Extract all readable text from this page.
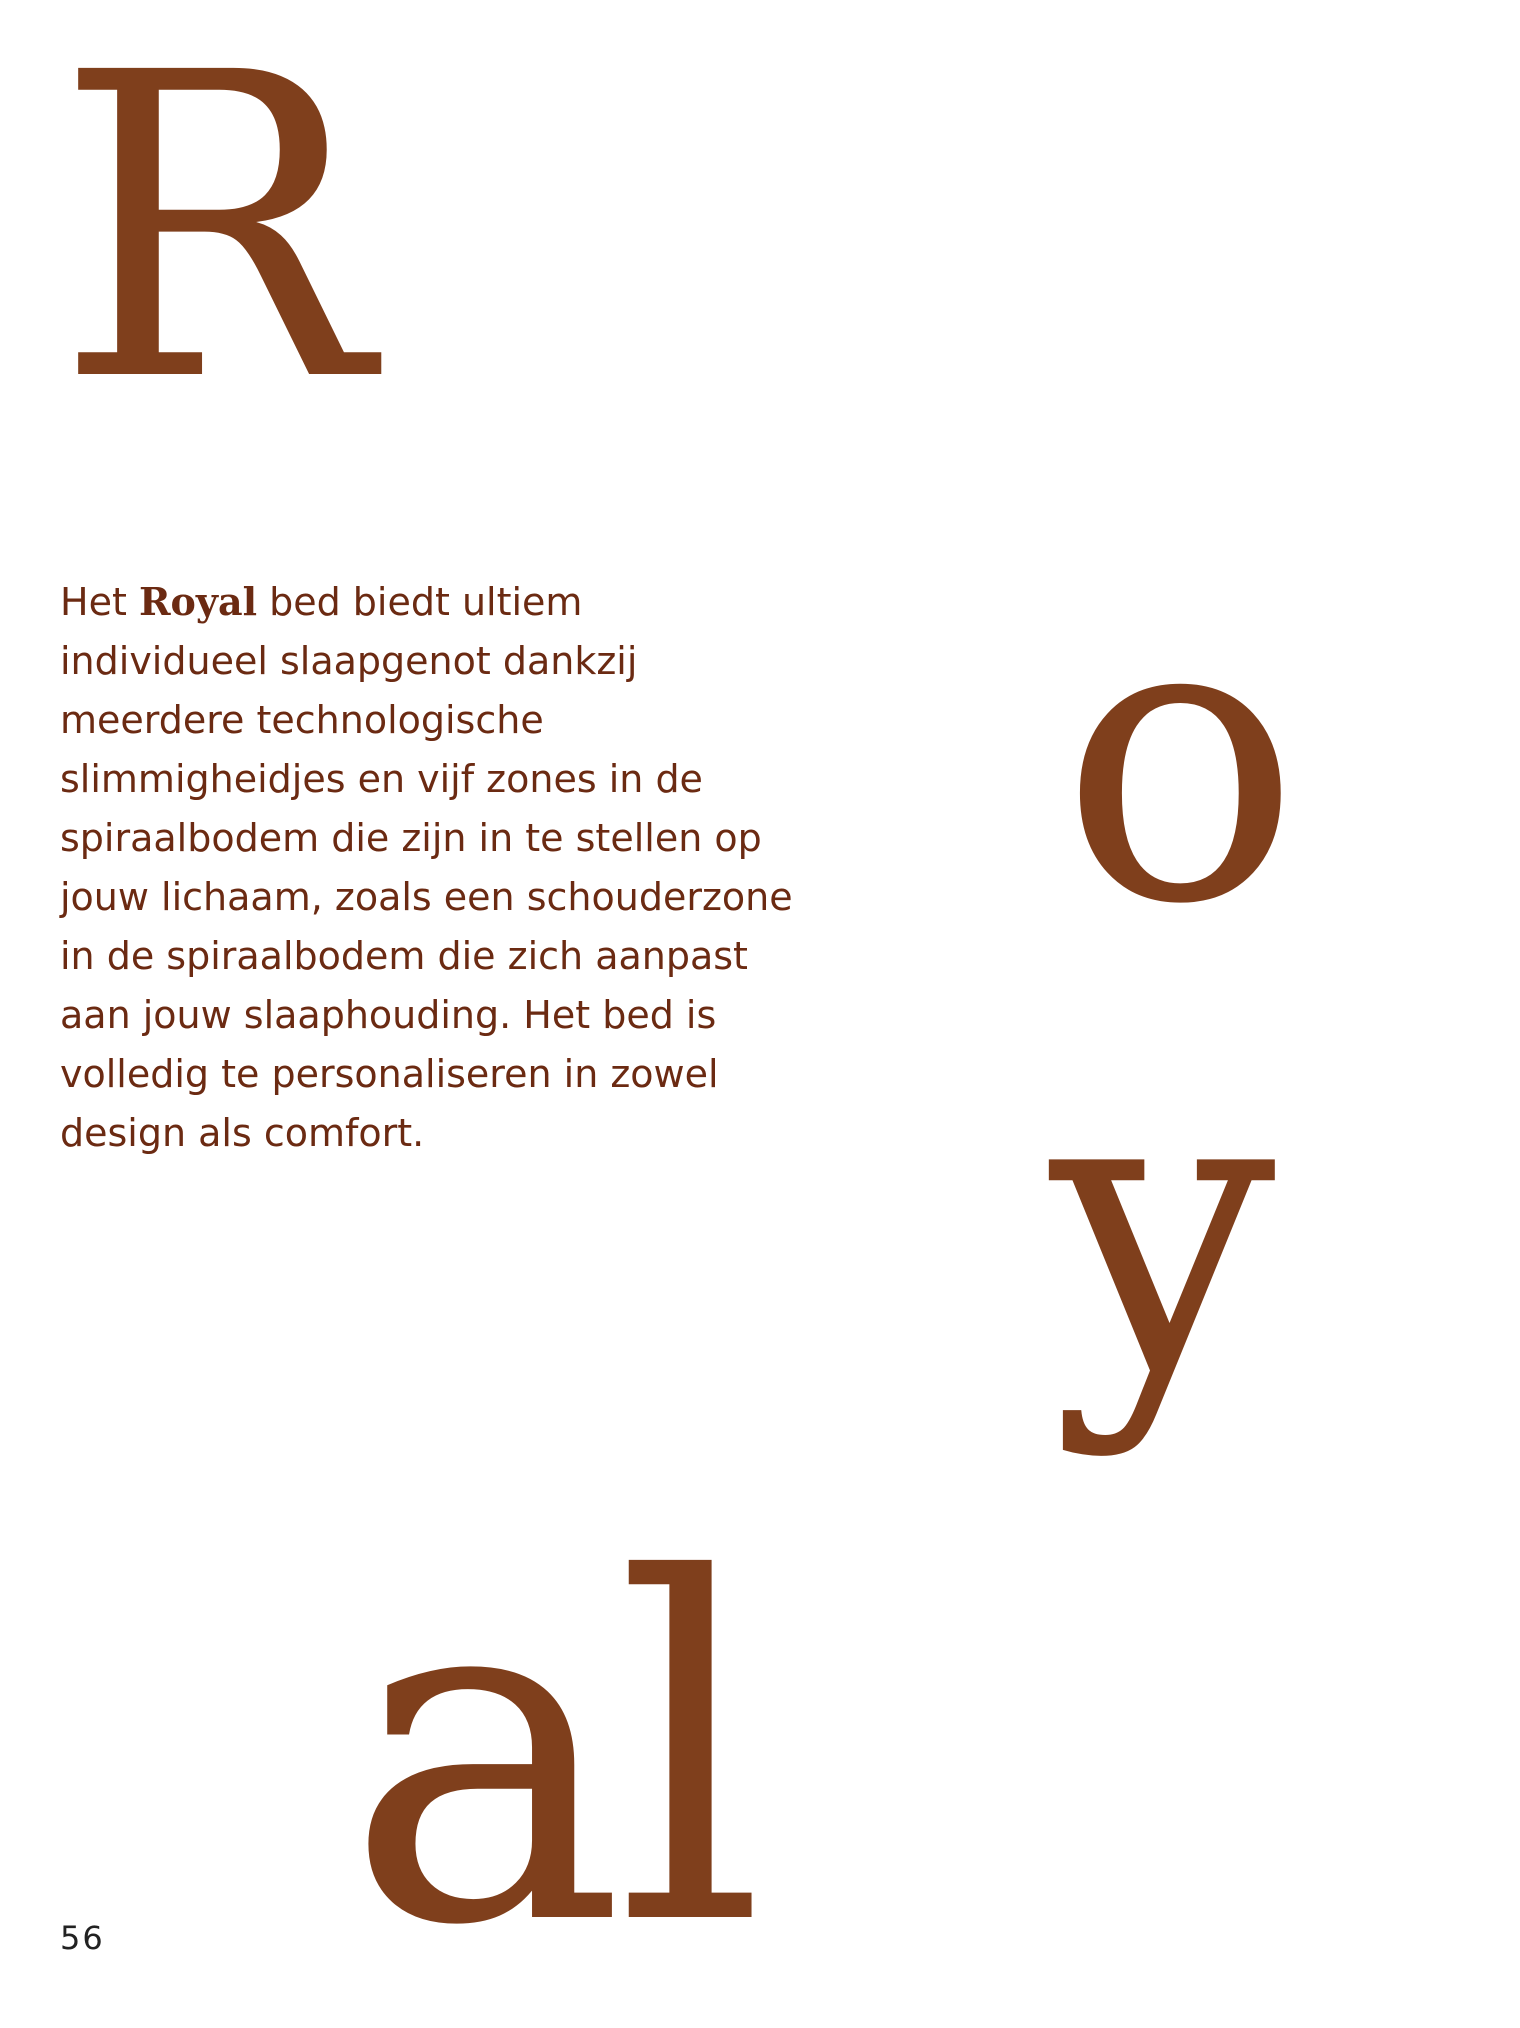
R

Het Royal bed biedt ultiem individueel slaapgenot dankzij meerdere technologische slimmigheidjes en vijf zones in de spiraalbodem die zijn in te stellen op jouw lichaam, zoals een schouderzone in de spiraalbodem die zich aanpast aan jouw slaaphouding. Het bed is volledig te personaliseren in zowel design als comfort.

o
y
al
56
